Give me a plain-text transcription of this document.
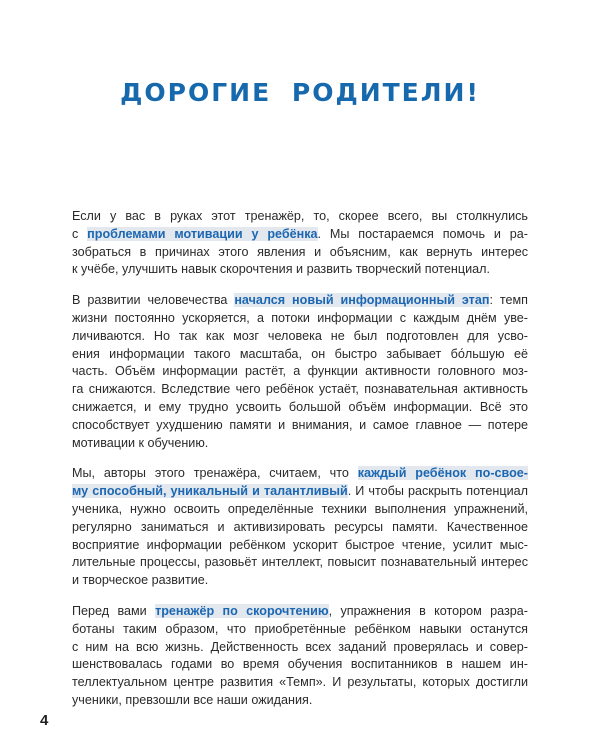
ДОРОГИЕ РОДИТЕЛИ!
Если у вас в руках этот тренажёр, то, скорее всего, вы столкнулись
с проблемами мотивации у ребёнка. Мы постараемся помочь и ра-
зобраться в причинах этого явления и объясним, как вернуть интерес
к учёбе, улучшить навык скорочтения и развить творческий потенциал.
В развитии человечества начался новый информационный этап: темп
жизни постоянно ускоряется, а потоки информации с каждым днём уве-
личиваются. Но так как мозг человека не был подготовлен для усво-
ения информации такого масштаба, он быстро забывает бо́льшую её
часть. Объём информации растёт, а функции активности головного моз-
га снижаются. Вследствие чего ребёнок устаёт, познавательная активность
снижается, и ему трудно усвоить большой объём информации. Всё это
способствует ухудшению памяти и внимания, и самое главное — потере
мотивации к обучению.
Мы, авторы этого тренажёра, считаем, что каждый ребёнок по-свое-
му способный, уникальный и талантливый. И чтобы раскрыть потенциал
ученика, нужно освоить определённые техники выполнения упражнений,
регулярно заниматься и активизировать ресурсы памяти. Качественное
восприятие информации ребёнком ускорит быстрое чтение, усилит мыс-
лительные процессы, разовьёт интеллект, повысит познавательный интерес
и творческое развитие.
Перед вами тренажёр по скорочтению, упражнения в котором разра-
ботаны таким образом, что приобретённые ребёнком навыки останутся
с ним на всю жизнь. Действенность всех заданий проверялась и совер-
шенствовалась годами во время обучения воспитанников в нашем ин-
теллектуальном центре развития «Темп». И результаты, которых достигли
ученики, превзошли все наши ожидания.
4
